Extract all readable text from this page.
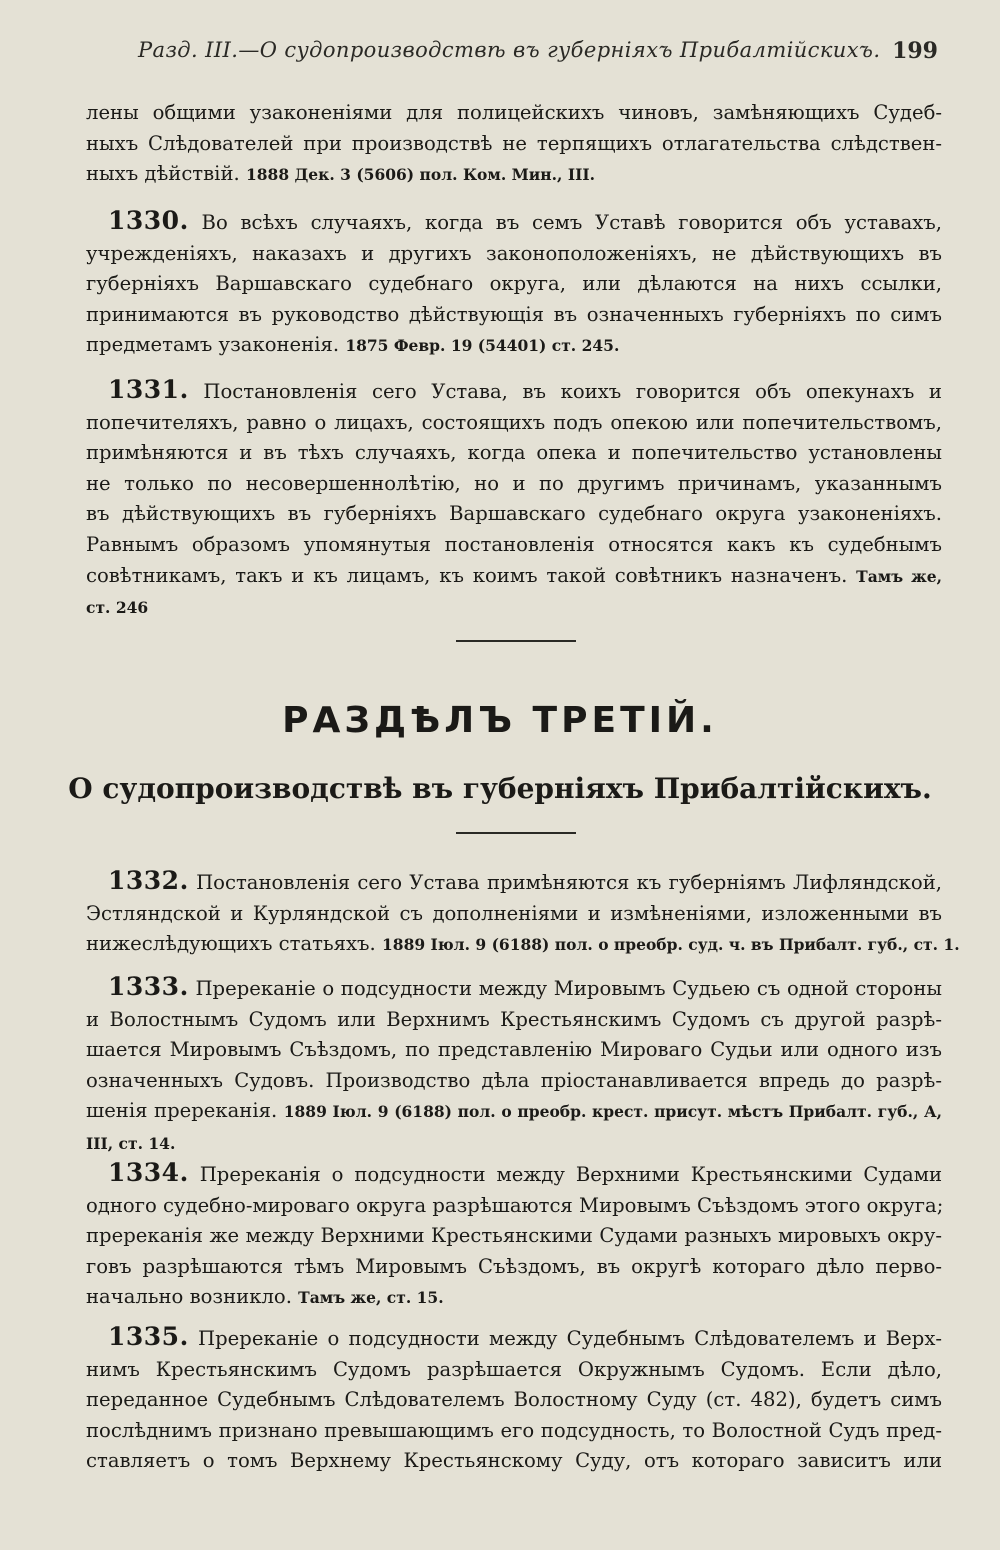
Разд. III.—О судопроизводствѣ въ губерніяхъ Прибалтійскихъ. 199
лены общими узаконеніями для полицейскихъ чиновъ, замѣняющихъ Судеб-
ныхъ Слѣдователей при производствѣ не терпящихъ отлагательства слѣдствен-
ныхъ дѣйствій. 1888 Дек. 3 (5606) пол. Ком. Мин., III.
1330. Во всѣхъ случаяхъ, когда въ семъ Уставѣ говорится объ уставахъ,
учрежденіяхъ, наказахъ и другихъ законоположеніяхъ, не дѣйствующихъ въ
губерніяхъ Варшавскаго судебнаго округа, или дѣлаются на нихъ ссылки,
принимаются въ руководство дѣйствующія въ означенныхъ губерніяхъ по симъ
предметамъ узаконенія. 1875 Февр. 19 (54401) ст. 245.
1331. Постановленія сего Устава, въ коихъ говорится объ опекунахъ и
попечителяхъ, равно о лицахъ, состоящихъ подъ опекою или попечительствомъ,
примѣняются и въ тѣхъ случаяхъ, когда опека и попечительство установлены
не только по несовершеннолѣтію, но и по другимъ причинамъ, указаннымъ
въ дѣйствующихъ въ губерніяхъ Варшавскаго судебнаго округа узаконеніяхъ.
Равнымъ образомъ упомянутыя постановленія относятся какъ къ судебнымъ
совѣтникамъ, такъ и къ лицамъ, къ коимъ такой совѣтникъ назначенъ. Тамъ же, ст. 246
РАЗДѢЛЪ ТРЕТІЙ.
О судопроизводствѣ въ губерніяхъ Прибалтійскихъ.
1332. Постановленія сего Устава примѣняются къ губерніямъ Лифляндской,
Эстляндской и Курляндской съ дополненіями и измѣненіями, изложенными въ
нижеслѣдующихъ статьяхъ. 1889 Іюл. 9 (6188) пол. о преобр. суд. ч. въ Прибалт. губ., ст. 1.
1333. Пререканіе о подсудности между Мировымъ Судьею съ одной стороны
и Волостнымъ Судомъ или Верхнимъ Крестьянскимъ Судомъ съ другой разрѣ-
шается Мировымъ Съѣздомъ, по представленію Мироваго Судьи или одного изъ
означенныхъ Судовъ. Производство дѣла пріостанавливается впредь до разрѣ-
шенія пререканія. 1889 Іюл. 9 (6188) пол. о преобр. крест. присут. мѣстъ Прибалт. губ., А, III, ст. 14.
1334. Пререканія о подсудности между Верхними Крестьянскими Судами
одного судебно-мироваго округа разрѣшаются Мировымъ Съѣздомъ этого округа;
пререканія же между Верхними Крестьянскими Судами разныхъ мировыхъ окру-
говъ разрѣшаются тѣмъ Мировымъ Съѣздомъ, въ округѣ котораго дѣло перво-
начально возникло. Тамъ же, ст. 15.
1335. Пререканіе о подсудности между Судебнымъ Слѣдователемъ и Верх-
нимъ Крестьянскимъ Судомъ разрѣшается Окружнымъ Судомъ. Если дѣло,
переданное Судебнымъ Слѣдователемъ Волостному Суду (ст. 482), будетъ симъ
послѣднимъ признано превышающимъ его подсудность, то Волостной Судъ пред-
ставляетъ о томъ Верхнему Крестьянскому Суду, отъ котораго зависитъ или
